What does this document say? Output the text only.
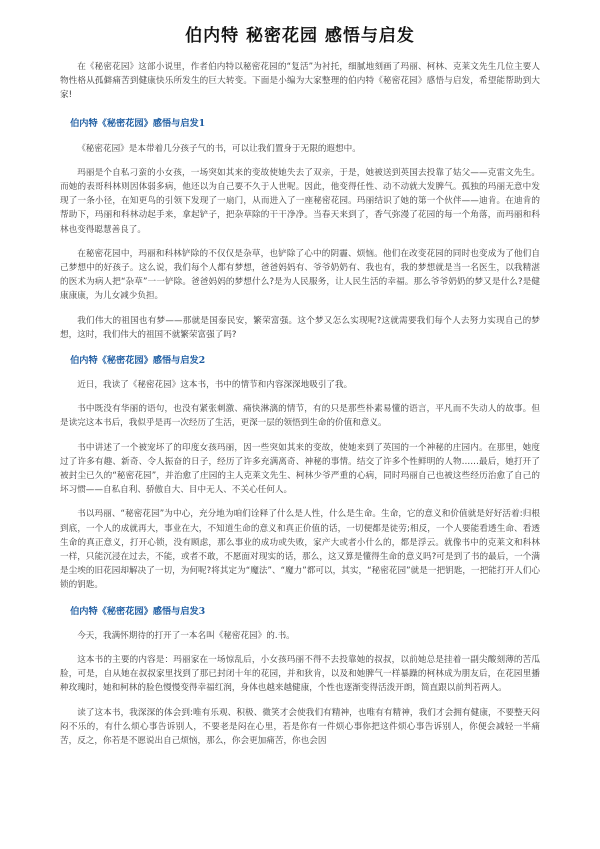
伯内特 秘密花园 感悟与启发

在《秘密花园》这部小说里，作者伯内特以秘密花园的“复活”为衬托，细腻地刻画了玛丽、柯林、克莱文先生几位主要人物性格从孤僻痛苦到健康快乐所发生的巨大转变。下面是小编为大家整理的伯内特《秘密花园》感悟与启发，希望能帮助到大家!

伯内特《秘密花园》感悟与启发1

《秘密花园》是本带着几分孩子气的书，可以让我们置身于无限的遐想中。

玛丽是个自私刁蛮的小女孩，一场突如其来的变故使她失去了双亲，于是，她被送到英国去投靠了姑父——克雷文先生。而她的表哥科林则因体弱多病，他还以为自己要不久于人世呢。因此，他变得任性、动不动就大发脾气。孤独的玛丽无意中发现了一条小径，在知更鸟的引领下发现了一扇门，从而进入了一座秘密花园。玛丽结识了她的第一个伙伴——迪肯。在迪肯的帮助下，玛丽和科林动起手来，拿起铲子，把杂草除的干干净净。当春天来到了，香气弥漫了花园的每一个角落，而玛丽和科林也变得聪慧善良了。

在秘密花园中，玛丽和科林铲除的不仅仅是杂草，也铲除了心中的阴霾、烦恼。他们在改变花园的同时也变成为了他们自己梦想中的好孩子。这么说，我们每个人都有梦想，爸爸妈妈有、爷爷奶奶有、我也有，我的梦想就是当一名医生，以我精湛的医术为病人把“杂草”一一铲除。爸爸妈妈的梦想什么?是为人民服务，让人民生活的幸福。那么爷爷奶奶的梦又是什么?是健康康康，为儿女减少负担。

我们伟大的祖国也有梦——那就是国泰民安，繁荣富强。这个梦又怎么实现呢?这就需要我们每个人去努力实现自己的梦想，这时，我们伟大的祖国不就繁荣富强了吗?

伯内特《秘密花园》感悟与启发2

近日，我读了《秘密花园》这本书，书中的情节和内容深深地吸引了我。

书中既没有华丽的语句，也没有紧张刺激、痛快淋漓的情节，有的只是那些朴素易懂的语言，平凡而不失动人的故事。但是读完这本书后，我似乎是再一次经历了生活，更深一层的领悟到生命的价值和意义。

书中讲述了一个被宠坏了的印度女孩玛丽，因一些突如其来的变故，使她来到了英国的一个神秘的庄园内。在那里，她度过了许多有趣、新奇、令人振奋的日子，经历了许多充满离奇、神秘的事情。结交了许多个性鲜明的人物……最后，她打开了被封尘已久的“秘密花园”，并治愈了庄园的主人克莱文先生、柯林少爷严重的心病，同时玛丽自己也被这些经历治愈了自己的坏习惯——自私自利、骄傲自大、目中无人、不关心任何人。

书以玛丽、“秘密花园”为中心，充分地为咱们诠释了什么是人性，什么是生命。生命，它的意义和价值就是好好活着:归根到底，一个人的成就再大，事业在大，不知道生命的意义和真正价值的话，一切便都是徒劳;相反，一个人要能看透生命、看透生命的真正意义，打开心锁，没有顾虑，那么事业的成功或失败，家产大或者小什么的，都是浮云。就像书中的克莱文和科林一样，只能沉浸在过去，不能，或者不敢，不愿面对现实的话，那么，这又算是懂得生命的意义吗?可是到了书的最后，一个满是尘埃的旧花园却解决了一切，为何呢?将其定为“魔法”、“魔力”都可以，其实，“秘密花园”就是一把钥匙，一把能打开人们心锁的钥匙。

伯内特《秘密花园》感悟与启发3

今天，我满怀期待的打开了一本名叫《秘密花园》的.书。

这本书的主要的内容是：玛丽家在一场惊乱后，小女孩玛丽不得不去投靠她的叔叔，以前她总是挂着一副尖酸刻薄的苦瓜脸，可是，自从她在叔叔家里找到了那已封闭十年的花园，并和狄肯，以及和她脾气一样暴躁的柯林成为朋友后，在花园里播种玫瑰时，她和柯林的脸色慢慢变得幸福红润，身体也越来越健康，个性也逐渐变得活泼开朗，简直跟以前判若两人。

读了这本书，我深深的体会到:唯有乐观、积极、微笑才会使我们有精神，也唯有有精神，我们才会拥有健康，不要整天闷闷不乐的，有什么烦心事告诉别人，不要老是闷在心里，若是你有一件烦心事你把这件烦心事告诉别人，你便会减轻一半痛苦，反之，你若是不愿说出自己烦恼，那么，你会更加痛苦，你也会因
